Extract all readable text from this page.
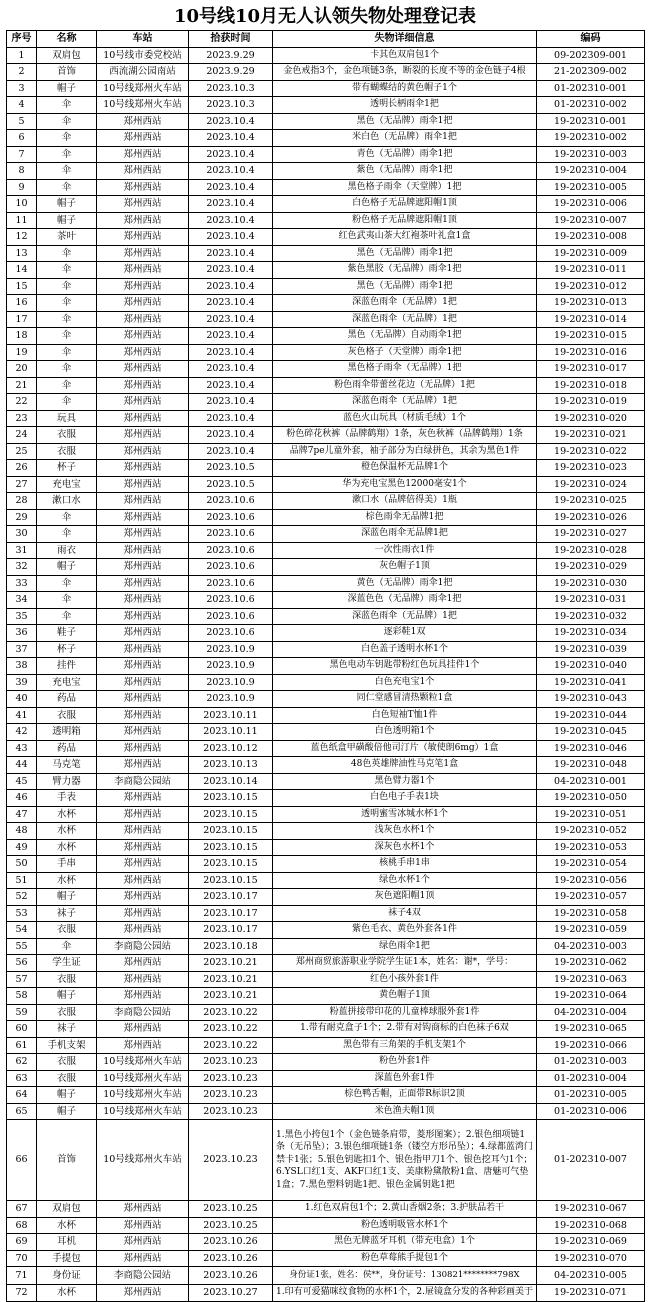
10号线10月无人认领失物处理登记表
序号	名称	车站	拾获时间	失物详细信息	编码
1	双肩包	10号线市委党校站	2023.9.29	卡其色双肩包1个	09-202309-001
2	首饰	西流湖公园南站	2023.9.29	金色戒指3个，金色项链3条，断裂的长度不等的金色链子4根	21-202309-002
3	帽子	10号线郑州火车站	2023.10.3	带有蝴蝶结的黄色帽子1个	01-202310-001
4	伞	10号线郑州火车站	2023.10.3	透明长柄雨伞1把	01-202310-002
5	伞	郑州西站	2023.10.4	黑色（无品牌）雨伞1把	19-202310-001
6	伞	郑州西站	2023.10.4	米白色（无品牌）雨伞1把	19-202310-002
7	伞	郑州西站	2023.10.4	青色（无品牌）雨伞1把	19-202310-003
8	伞	郑州西站	2023.10.4	紫色（无品牌）雨伞1把	19-202310-004
9	伞	郑州西站	2023.10.4	黑色格子雨伞（天堂牌）1把	19-202310-005
10	帽子	郑州西站	2023.10.4	白色格子无品牌遮阳帽1顶	19-202310-006
11	帽子	郑州西站	2023.10.4	粉色格子无品牌遮阳帽1顶	19-202310-007
12	茶叶	郑州西站	2023.10.4	红色武夷山茶大红袍茶叶礼盒1盒	19-202310-008
13	伞	郑州西站	2023.10.4	黑色（无品牌）雨伞1把	19-202310-009
14	伞	郑州西站	2023.10.4	紫色黑胶（无品牌）雨伞1把	19-202310-011
15	伞	郑州西站	2023.10.4	黑色（无品牌）雨伞1把	19-202310-012
16	伞	郑州西站	2023.10.4	深蓝色雨伞（无品牌）1把	19-202310-013
17	伞	郑州西站	2023.10.4	深蓝色雨伞（无品牌）1把	19-202310-014
18	伞	郑州西站	2023.10.4	黑色（无品牌）自动雨伞1把	19-202310-015
19	伞	郑州西站	2023.10.4	灰色格子（天堂牌）雨伞1把	19-202310-016
20	伞	郑州西站	2023.10.4	黑色格子雨伞（无品牌）1把	19-202310-017
21	伞	郑州西站	2023.10.4	粉色雨伞带蕾丝花边（无品牌）1把	19-202310-018
22	伞	郑州西站	2023.10.4	深蓝色雨伞（无品牌）1把	19-202310-019
23	玩具	郑州西站	2023.10.4	蓝色火山玩具（材质毛绒）1个	19-202310-020
24	衣服	郑州西站	2023.10.4	粉色碎花秋裤（品牌鹤翔）1条，灰色秋裤（品牌鹤翔）1条	19-202310-021
25	衣服	郑州西站	2023.10.4	品牌7pe儿童外套，袖子部分为白绿拼色，其余为黑色1件	19-202310-022
26	杯子	郑州西站	2023.10.5	橙色保温杯无品牌1个	19-202310-023
27	充电宝	郑州西站	2023.10.5	华为充电宝黑色12000毫安1个	19-202310-024
28	漱口水	郑州西站	2023.10.6	漱口水（品牌倍得美）1瓶	19-202310-025
29	伞	郑州西站	2023.10.6	棕色雨伞无品牌1把	19-202310-026
30	伞	郑州西站	2023.10.6	深蓝色雨伞无品牌1把	19-202310-027
31	雨衣	郑州西站	2023.10.6	一次性雨衣1件	19-202310-028
32	帽子	郑州西站	2023.10.6	灰色帽子1顶	19-202310-029
33	伞	郑州西站	2023.10.6	黄色（无品牌）雨伞1把	19-202310-030
34	伞	郑州西站	2023.10.6	深蓝色色（无品牌）雨伞1把	19-202310-031
35	伞	郑州西站	2023.10.6	深蓝色雨伞（无品牌）1把	19-202310-032
36	鞋子	郑州西站	2023.10.6	逐彩鞋1双	19-202310-034
37	杯子	郑州西站	2023.10.9	白色盖子透明水杯1个	19-202310-039
38	挂件	郑州西站	2023.10.9	黑色电动车钥匙带粉红色玩具挂件1个	19-202310-040
39	充电宝	郑州西站	2023.10.9	白色充电宝1个	19-202310-041
40	药品	郑州西站	2023.10.9	同仁堂感冒清热颗粒1盒	19-202310-043
41	衣服	郑州西站	2023.10.11	白色短袖T恤1件	19-202310-044
42	透明箱	郑州西站	2023.10.11	白色透明箱1个	19-202310-045
43	药品	郑州西站	2023.10.12	蓝色纸盒甲磺酸倍他司汀片（敏使朗6mg）1盒	19-202310-046
44	马克笔	郑州西站	2023.10.13	48色英雄牌油性马克笔1盒	19-202310-048
45	臂力器	李商隐公园站	2023.10.14	黑色臂力器1个	04-202310-001
46	手表	郑州西站	2023.10.15	白色电子手表1块	19-202310-050
47	水杯	郑州西站	2023.10.15	透明蜜雪冰城水杯1个	19-202310-051
48	水杯	郑州西站	2023.10.15	浅灰色水杯1个	19-202310-052
49	水杯	郑州西站	2023.10.15	深灰色水杯1个	19-202310-053
50	手串	郑州西站	2023.10.15	核桃手串1串	19-202310-054
51	水杯	郑州西站	2023.10.15	绿色水杯1个	19-202310-056
52	帽子	郑州西站	2023.10.17	灰色遮阳帽1顶	19-202310-057
53	袜子	郑州西站	2023.10.17	袜子4双	19-202310-058
54	衣服	郑州西站	2023.10.17	紫色毛衣、黄色外套各1件	19-202310-059
55	伞	李商隐公园站	2023.10.18	绿色雨伞1把	04-202310-003
56	学生证	郑州西站	2023.10.21	郑州商贸旅游职业学院学生证1本，姓名：谢*，学号：	19-202310-062
57	衣服	郑州西站	2023.10.21	红色小孩外套1件	19-202310-063
58	帽子	郑州西站	2023.10.21	黄色帽子1顶	19-202310-064
59	衣服	李商隐公园站	2023.10.22	粉蓝拼接带印花的儿童棒球服外套1件	04-202310-004
60	袜子	郑州西站	2023.10.22	1.带有耐克盒子1个；2.带有对钩商标的白色袜子6双	19-202310-065
61	手机支架	郑州西站	2023.10.22	黑色带有三角架的手机支架1个	19-202310-066
62	衣服	10号线郑州火车站	2023.10.23	粉色外套1件	01-202310-003
63	衣服	10号线郑州火车站	2023.10.23	深蓝色外套1件	01-202310-004
64	帽子	10号线郑州火车站	2023.10.23	棕色鸭舌帽，正面带R标识2顶	01-202310-005
65	帽子	10号线郑州火车站	2023.10.23	米色渔夫帽1顶	01-202310-006
66	首饰	10号线郑州火车站	2023.10.23	1.黑色小挎包1个（金色链条肩带，菱形图案）；2.银色细项链1条（无吊坠）；3.银色细项链1条（镂空方形吊坠）；4.绿都蓝湾门禁卡1张；5.银色钥匙扣1个、银色指甲刀1个、银色挖耳勺1个；6.YSL口红1支、AKF口红1支、美康粉黛散粉1盒、唐魅可气垫1盒；7.黑色塑料钥匙1把、银色金属钥匙1把	01-202310-007
67	双肩包	郑州西站	2023.10.25	1.红色双肩包1个；2.黄山香烟2条；3.护肤品若干	19-202310-067
68	水杯	郑州西站	2023.10.25	粉色透明吸管水杯1个	19-202310-068
69	耳机	郑州西站	2023.10.26	黑色无牌蓝牙耳机（带充电盒）1个	19-202310-069
70	手提包	郑州西站	2023.10.26	粉色草莓熊手提包1个	19-202310-070
71	身份证	李商隐公园站	2023.10.26	身份证1张，姓名：侯**，身份证号：130821********798X	04-202310-005
72	水杯	郑州西站	2023.10.27	1.印有可爱猫咪纹食物的水杯1个，2.屉镜盒分发的各种彩画美于	19-202310-071
